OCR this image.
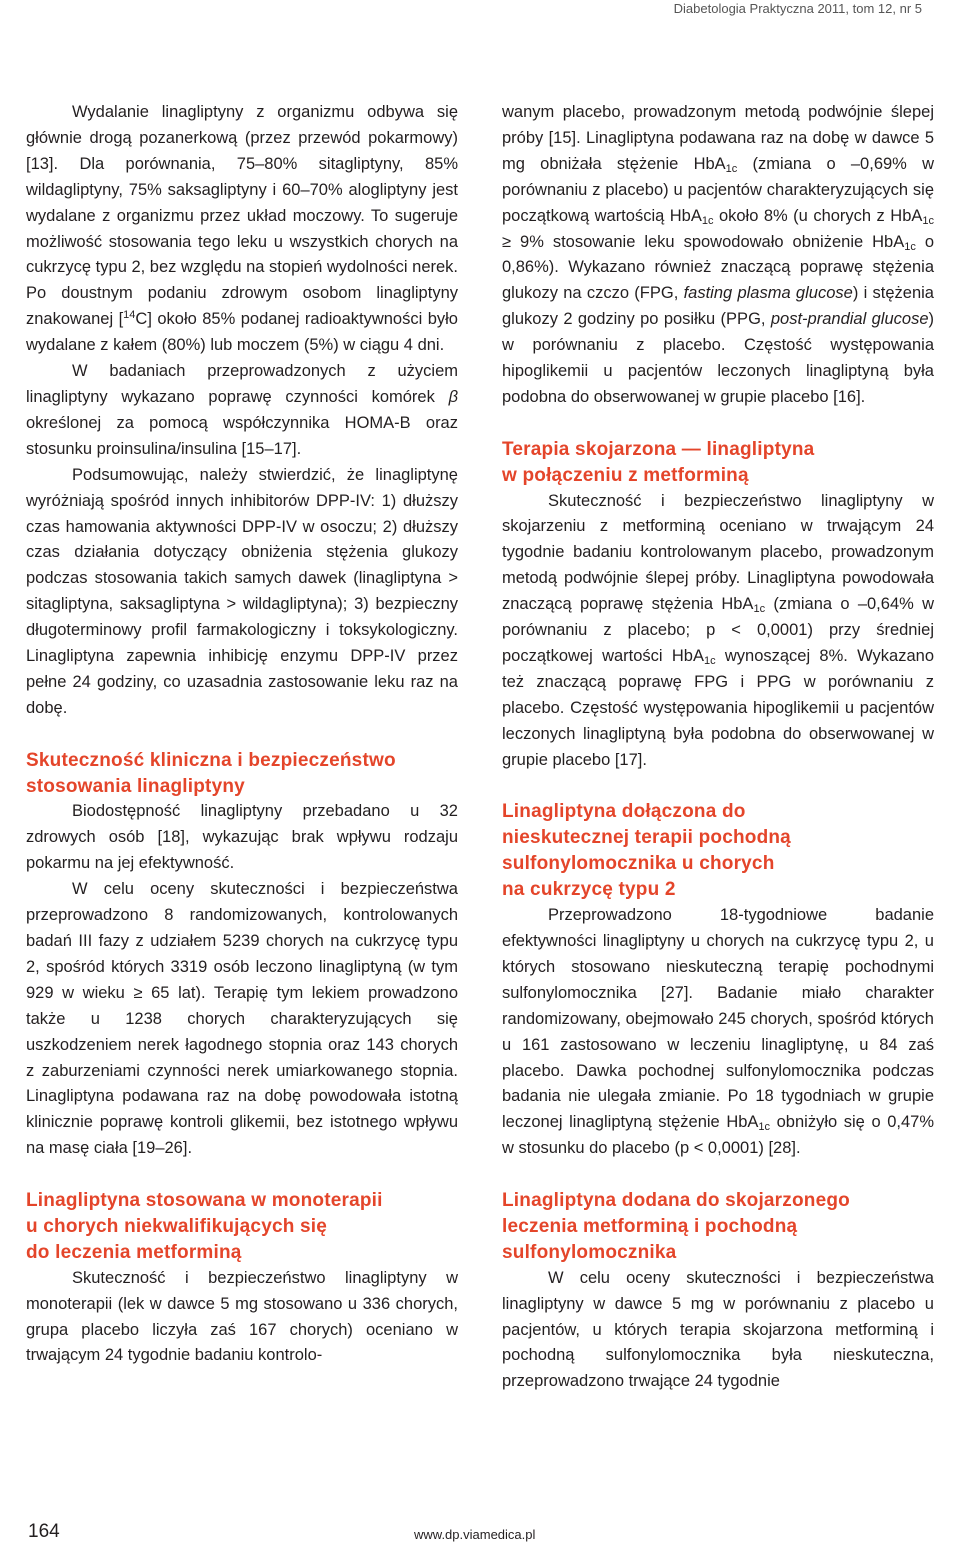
Diabetologia Praktyczna 2011, tom 12, nr 5

Wydalanie linagliptyny z organizmu odbywa się głównie drogą pozanerkową (przez przewód pokarmowy) [13]. Dla porównania, 75–80% sitagliptyny, 85% wildagliptyny, 75% saksagliptyny i 60–70% alogliptyny jest wydalane z organizmu przez układ moczowy. To sugeruje możliwość stosowania tego leku u wszystkich chorych na cukrzycę typu 2, bez względu na stopień wydolności nerek. Po doustnym podaniu zdrowym osobom linagliptyny znakowanej [$^{14}$C] około 85% podanej radioaktywności było wydalane z kałem (80%) lub moczem (5%) w ciągu 4 dni.

W badaniach przeprowadzonych z użyciem linagliptyny wykazano poprawę czynności komórek β określonej za pomocą współczynnika HOMA-B oraz stosunku proinsulina/insulina [15–17].

Podsumowując, należy stwierdzić, że linagliptynę wyróżniają spośród innych inhibitorów DPP-IV: 1) dłuższy czas hamowania aktywności DPP-IV w osoczu; 2) dłuższy czas działania dotyczący obniżenia stężenia glukozy podczas stosowania takich samych dawek (linagliptyna > sitagliptyna, saksagliptyna > wildagliptyna); 3) bezpieczny długoterminowy profil farmakologiczny i toksykologiczny. Linagliptyna zapewnia inhibicję enzymu DPP-IV przez pełne 24 godziny, co uzasadnia zastosowanie leku raz na dobę.

Skuteczność kliniczna i bezpieczeństwo
stosowania linagliptyny

Biodostępność linagliptyny przebadano u 32 zdrowych osób [18], wykazując brak wpływu rodzaju pokarmu na jej efektywność.

W celu oceny skuteczności i bezpieczeństwa przeprowadzono 8 randomizowanych, kontrolowanych badań III fazy z udziałem 5239 chorych na cukrzycę typu 2, spośród których 3319 osób leczono linagliptyną (w tym 929 w wieku ≥ 65 lat). Terapię tym lekiem prowadzono także u 1238 chorych charakteryzujących się uszkodzeniem nerek łagodnego stopnia oraz 143 chorych z zaburzeniami czynności nerek umiarkowanego stopnia. Linagliptyna podawana raz na dobę powodowała istotną klinicznie poprawę kontroli glikemii, bez istotnego wpływu na masę ciała [19–26].

Linagliptyna stosowana w monoterapii
u chorych niekwalifikujących się
do leczenia metforminą

Skuteczność i bezpieczeństwo linagliptyny w monoterapii (lek w dawce 5 mg stosowano u 336 chorych, grupa placebo liczyła zaś 167 chorych) oceniano w trwającym 24 tygodnie badaniu kontrolo-

wanym placebo, prowadzonym metodą podwójnie ślepej próby [15]. Linagliptyna podawana raz na dobę w dawce 5 mg obniżała stężenie HbA$_{1c}$ (zmiana o –0,69% w porównaniu z placebo) u pacjentów charakteryzujących się początkową wartością HbA$_{1c}$ około 8% (u chorych z HbA$_{1c}$ ≥ 9% stosowanie leku spowodowało obniżenie HbA$_{1c}$ o 0,86%). Wykazano również znaczącą poprawę stężenia glukozy na czczo (FPG, fasting plasma glucose) i stężenia glukozy 2 godziny po posiłku (PPG, post-prandial glucose) w porównaniu z placebo. Częstość występowania hipoglikemii u pacjentów leczonych linagliptyną była podobna do obserwowanej w grupie placebo [16].

Terapia skojarzona — linagliptyna
w połączeniu z metforminą

Skuteczność i bezpieczeństwo linagliptyny w skojarzeniu z metforminą oceniano w trwającym 24 tygodnie badaniu kontrolowanym placebo, prowadzonym metodą podwójnie ślepej próby. Linagliptyna powodowała znaczącą poprawę stężenia HbA$_{1c}$ (zmiana o –0,64% w porównaniu z placebo; p < 0,0001) przy średniej początkowej wartości HbA$_{1c}$ wynoszącej 8%. Wykazano też znaczącą poprawę FPG i PPG w porównaniu z placebo. Częstość występowania hipoglikemii u pacjentów leczonych linagliptyną była podobna do obserwowanej w grupie placebo [17].

Linagliptyna dołączona do
nieskutecznej terapii pochodną
sulfonylomocznika u chorych
na cukrzycę typu 2

Przeprowadzono 18-tygodniowe badanie efektywności linagliptyny u chorych na cukrzycę typu 2, u których stosowano nieskuteczną terapię pochodnymi sulfonylomocznika [27]. Badanie miało charakter randomizowany, obejmowało 245 chorych, spośród których u 161 zastosowano w leczeniu linagliptynę, u 84 zaś placebo. Dawka pochodnej sulfonylomocznika podczas badania nie ulegała zmianie. Po 18 tygodniach w grupie leczonej linagliptyną stężenie HbA$_{1c}$ obniżyło się o 0,47% w stosunku do placebo (p < 0,0001) [28].

Linagliptyna dodana do skojarzonego
leczenia metforminą i pochodną
sulfonylomocznika

W celu oceny skuteczności i bezpieczeństwa linagliptyny w dawce 5 mg w porównaniu z placebo u pacjentów, u których terapia skojarzona metforminą i pochodną sulfonylomocznika była nieskuteczna, przeprowadzono trwające 24 tygodnie

164	www.dp.viamedica.pl
